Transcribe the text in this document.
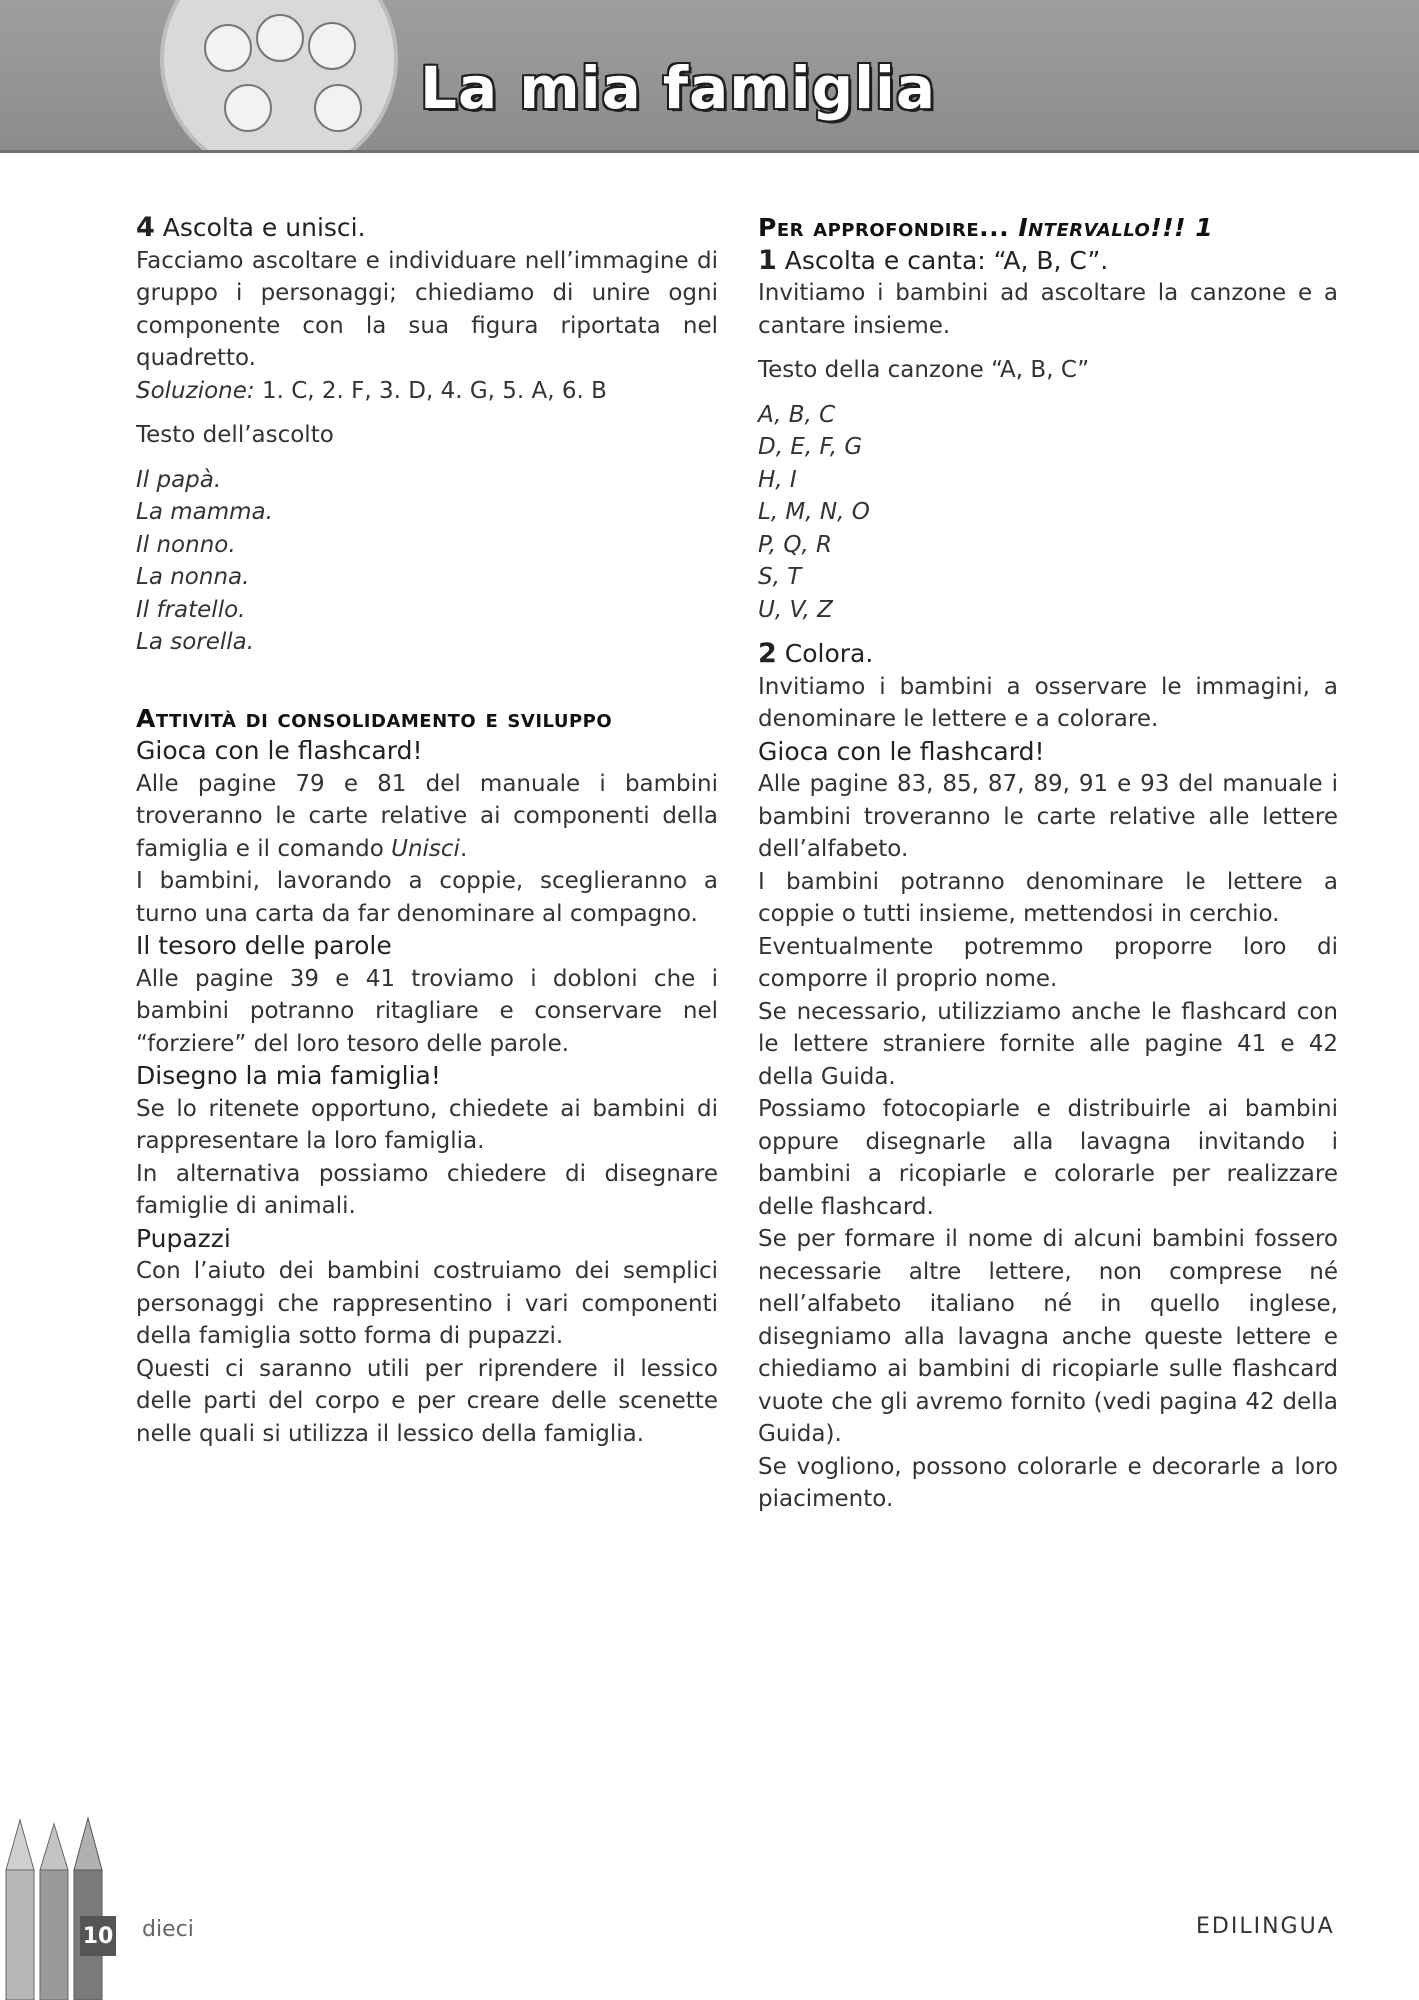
La mia famiglia

4 Ascolta e unisci.

Facciamo ascoltare e individuare nell’immagine di gruppo i personaggi; chiediamo di unire ogni componente con la sua figura riportata nel quadretto.

Soluzione: 1. C, 2. F, 3. D, 4. G, 5. A, 6. B

Testo dell’ascolto

Il papà.

La mamma.

Il nonno.

La nonna.

Il fratello.

La sorella.

Attività di consolidamento e sviluppo

Gioca con le flashcard!

Alle pagine 79 e 81 del manuale i bambini troveranno le carte relative ai componenti della famiglia e il comando Unisci.

I bambini, lavorando a coppie, sceglieranno a turno una carta da far denominare al compagno.

Il tesoro delle parole

Alle pagine 39 e 41 troviamo i dobloni che i bambini potranno ritagliare e conservare nel “forziere” del loro tesoro delle parole.

Disegno la mia famiglia!

Se lo ritenete opportuno, chiedete ai bambini di rappresentare la loro famiglia.

In alternativa possiamo chiedere di disegnare famiglie di animali.

Pupazzi

Con l’aiuto dei bambini costruiamo dei semplici personaggi che rappresentino i vari componenti della famiglia sotto forma di pupazzi.

Questi ci saranno utili per riprendere il lessico delle parti del corpo e per creare delle scenette nelle quali si utilizza il lessico della famiglia.

Per approfondire... Intervallo!!! 1

1 Ascolta e canta: “A, B, C”.

Invitiamo i bambini ad ascoltare la canzone e a cantare insieme.

Testo della canzone “A, B, C”

A, B, C

D, E, F, G

H, I

L, M, N, O

P, Q, R

S, T

U, V, Z

2 Colora.

Invitiamo i bambini a osservare le immagini, a denominare le lettere e a colorare.

Gioca con le flashcard!

Alle pagine 83, 85, 87, 89, 91 e 93 del manuale i bambini troveranno le carte relative alle lettere dell’alfabeto.

I bambini potranno denominare le lettere a coppie o tutti insieme, mettendosi in cerchio.

Eventualmente potremmo proporre loro di comporre il proprio nome.

Se necessario, utilizziamo anche le flashcard con le lettere straniere fornite alle pagine 41 e 42 della Guida.

Possiamo fotocopiarle e distribuirle ai bambini oppure disegnarle alla lavagna invitando i bambini a ricopiarle e colorarle per realizzare delle flashcard.

Se per formare il nome di alcuni bambini fossero necessarie altre lettere, non comprese né nell’alfabeto italiano né in quello inglese, disegniamo alla lavagna anche queste lettere e chiediamo ai bambini di ricopiarle sulle flashcard vuote che gli avremo fornito (vedi pagina 42 della Guida).

Se vogliono, possono colorarle e decorarle a loro piacimento.

10 dieci	EDILINGUA
